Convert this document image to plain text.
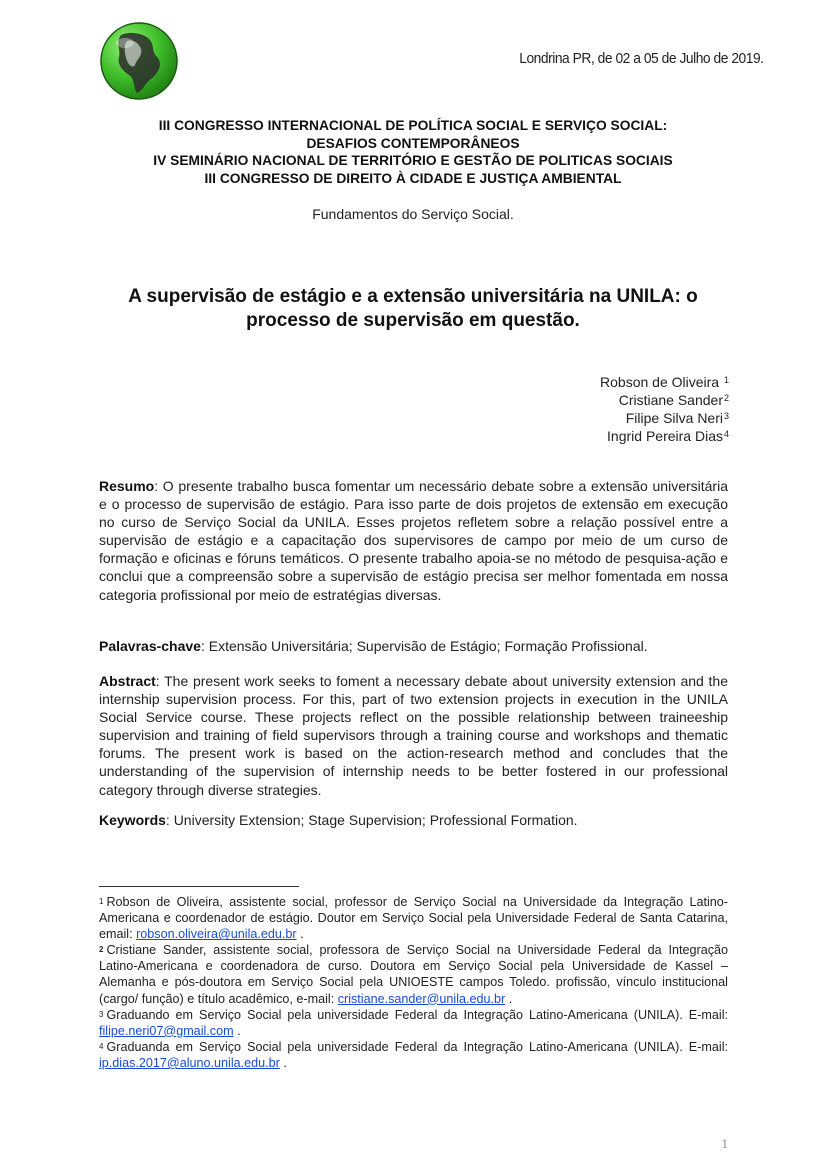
Londrina PR, de 02 a 05 de Julho de 2019.
III CONGRESSO INTERNACIONAL DE POLÍTICA SOCIAL E SERVIÇO SOCIAL:
DESAFIOS CONTEMPORÂNEOS
IV SEMINÁRIO NACIONAL DE TERRITÓRIO E GESTÃO DE POLITICAS SOCIAIS
III CONGRESSO DE DIREITO À CIDADE E JUSTIÇA AMBIENTAL
Fundamentos do Serviço Social.
A supervisão de estágio e a extensão universitária na UNILA: o
processo de supervisão em questão.
Robson de Oliveira $^1$
Cristiane Sander$^2$
Filipe Silva Neri$^3$
Ingrid Pereira Dias$^4$
Resumo: O presente trabalho busca fomentar um necessário debate sobre a extensão universitária e o processo de supervisão de estágio. Para isso parte de dois projetos de extensão em execução no curso de Serviço Social da UNILA. Esses projetos refletem sobre a relação possível entre a supervisão de estágio e a capacitação dos supervisores de campo por meio de um curso de formação e oficinas e fóruns temáticos. O presente trabalho apoia-se no método de pesquisa-ação e conclui que a compreensão sobre a supervisão de estágio precisa ser melhor fomentada em nossa categoria profissional por meio de estratégias diversas.
Palavras-chave: Extensão Universitária; Supervisão de Estágio; Formação Profissional.
Abstract: The present work seeks to foment a necessary debate about university extension and the internship supervision process. For this, part of two extension projects in execution in the UNILA Social Service course. These projects reflect on the possible relationship between traineeship supervision and training of field supervisors through a training course and workshops and thematic forums. The present work is based on the action-research method and concludes that the understanding of the supervision of internship needs to be better fostered in our professional category through diverse strategies.
Keywords: University Extension; Stage Supervision; Professional Formation.
$^1$ Robson de Oliveira, assistente social, professor de Serviço Social na Universidade da Integração Latino-Americana e coordenador de estágio. Doutor em Serviço Social pela Universidade Federal de Santa Catarina, email: robson.oliveira@unila.edu.br .
$^2$ Cristiane Sander, assistente social, professora de Serviço Social na Universidade Federal da Integração Latino-Americana e coordenadora de curso. Doutora em Serviço Social pela Universidade de Kassel – Alemanha e pós-doutora em Serviço Social pela UNIOESTE campos Toledo. profissão, vínculo institucional (cargo/ função) e título acadêmico, e-mail: cristiane.sander@unila.edu.br .
$^3$ Graduando em Serviço Social pela universidade Federal da Integração Latino-Americana (UNILA). E-mail: filipe.neri07@gmail.com .
$^4$ Graduanda em Serviço Social pela universidade Federal da Integração Latino-Americana (UNILA). E-mail: ip.dias.2017@aluno.unila.edu.br .
1
